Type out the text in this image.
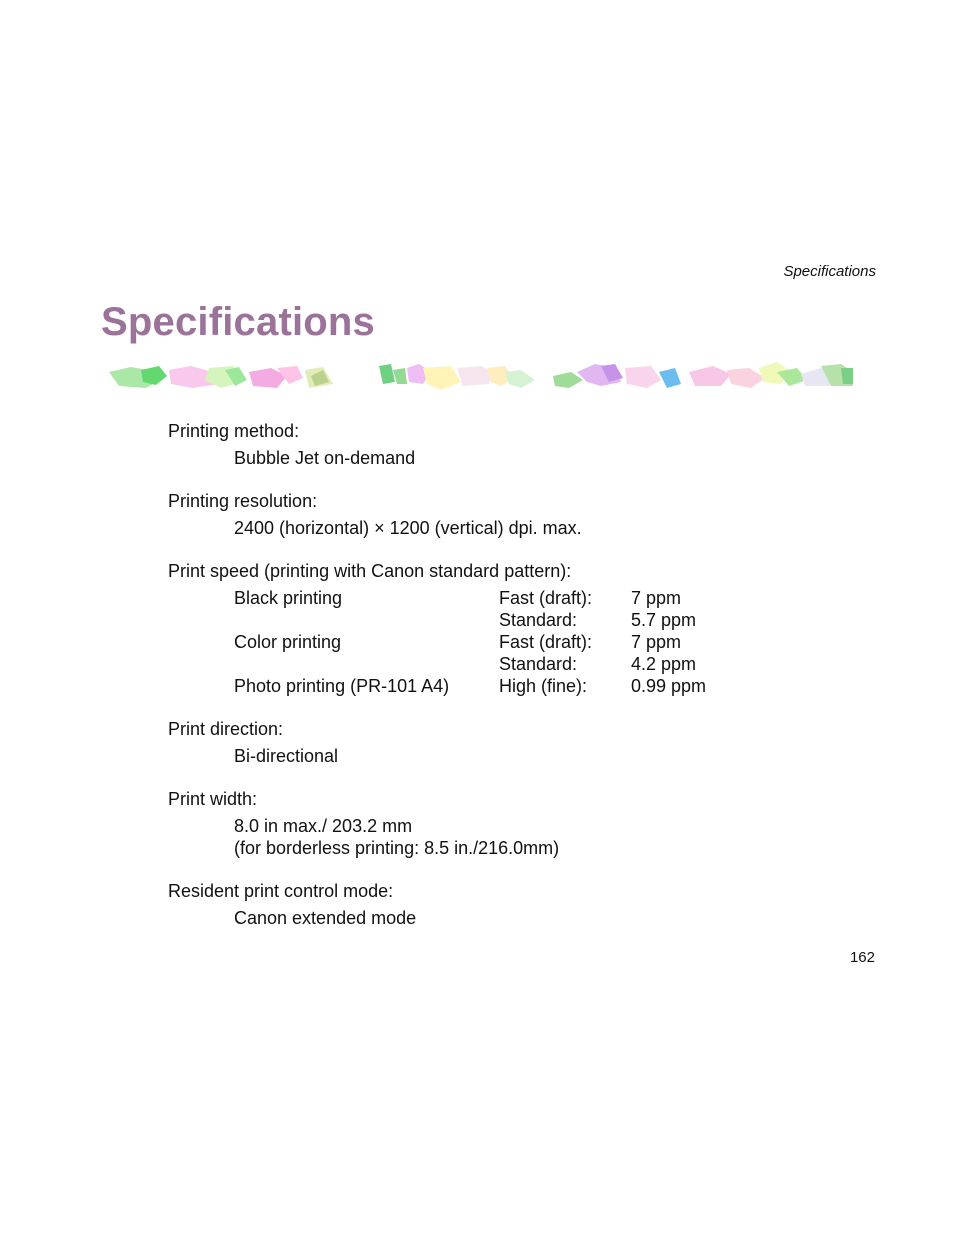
Specifications
Specifications
Printing method:
Bubble Jet on-demand
Printing resolution:
2400 (horizontal) × 1200 (vertical) dpi. max.
Print speed (printing with Canon standard pattern):
Black printing	Fast (draft):	7 ppm
	Standard:	5.7 ppm
Color printing	Fast (draft):	7 ppm
	Standard:	4.2 ppm
Photo printing (PR-101 A4)	High (fine):	0.99 ppm
Print direction:
Bi-directional
Print width:
8.0 in max./ 203.2 mm
(for borderless printing: 8.5 in./216.0mm)
Resident print control mode:
Canon extended mode
162
